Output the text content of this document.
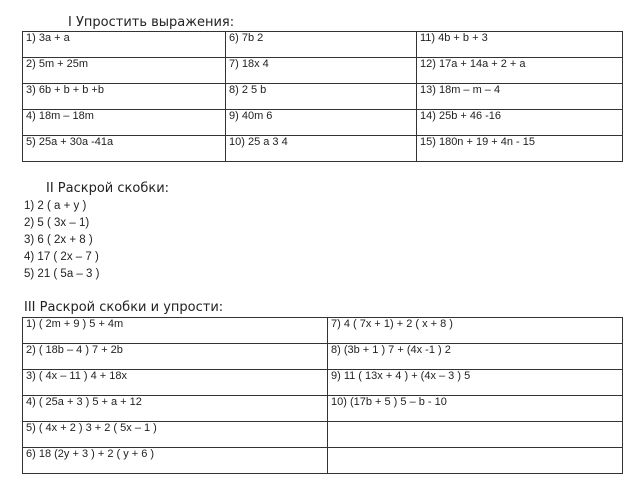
I Упростить выражения:
1) 3a + a	6) 7b 2	11) 4b + b + 3
2) 5m + 25m	7) 18x 4	12) 17a + 14a + 2 + a
3) 6b + b + b +b	8) 2 5 b	13) 18m – m – 4
4) 18m – 18m	9) 40m 6	14) 25b + 46 -16
5) 25a + 30a -41a	10) 25 a 3 4	15) 180n + 19 + 4n - 15
II Раскрой скобки:
1) 2 ( a + y )
2) 5 ( 3x – 1)
3) 6 ( 2x + 8 )
4) 17 ( 2x – 7 )
5) 21 ( 5a – 3 )
III Раскрой скобки и упрости:
1) ( 2m + 9 ) 5 + 4m	7) 4 ( 7x + 1) + 2 ( x + 8 )
2) ( 18b – 4 ) 7 + 2b	8) (3b + 1 ) 7 + (4x -1 ) 2
3) ( 4x – 11 ) 4 + 18x	9) 11 ( 13x + 4 ) + (4x – 3 ) 5
4) ( 25a + 3 ) 5 + a + 12	10) (17b + 5 ) 5 – b - 10
5) ( 4x + 2 ) 3 + 2 ( 5x – 1 )	
6) 18 (2y + 3 ) + 2 ( y + 6 )	
